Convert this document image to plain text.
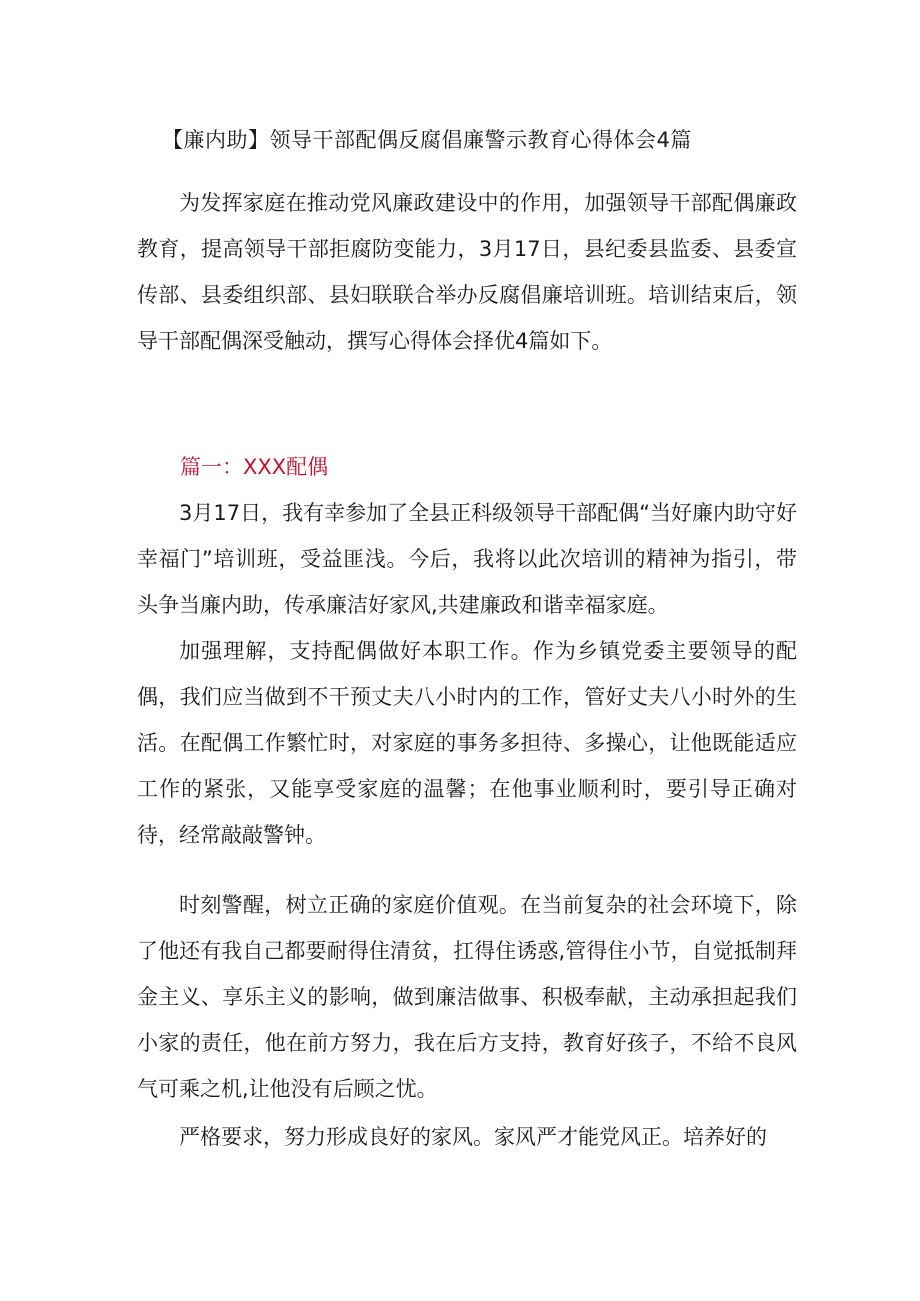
【廉内助】领导干部配偶反腐倡廉警示教育心得体会4篇

为发挥家庭在推动党风廉政建设中的作用，加强领导干部配偶廉政教育，提高领导干部拒腐防变能力，3月17日，县纪委县监委、县委宣传部、县委组织部、县妇联联合举办反腐倡廉培训班。培训结束后，领导干部配偶深受触动，撰写心得体会择优4篇如下。

篇一：XXX配偶

3月17日，我有幸参加了全县正科级领导干部配偶“当好廉内助守好幸福门”培训班，受益匪浅。今后，我将以此次培训的精神为指引，带头争当廉内助，传承廉洁好家风,共建廉政和谐幸福家庭。

加强理解，支持配偶做好本职工作。作为乡镇党委主要领导的配偶，我们应当做到不干预丈夫八小时内的工作，管好丈夫八小时外的生活。在配偶工作繁忙时，对家庭的事务多担待、多操心，让他既能适应工作的紧张，又能享受家庭的温馨；在他事业顺利时，要引导正确对待，经常敲敲警钟。

时刻警醒，树立正确的家庭价值观。在当前复杂的社会环境下，除了他还有我自己都要耐得住清贫，扛得住诱惑,管得住小节，自觉抵制拜金主义、享乐主义的影响，做到廉洁做事、积极奉献，主动承担起我们小家的责任，他在前方努力，我在后方支持，教育好孩子，不给不良风气可乘之机,让他没有后顾之忧。

严格要求，努力形成良好的家风。家风严才能党风正。培养好的
